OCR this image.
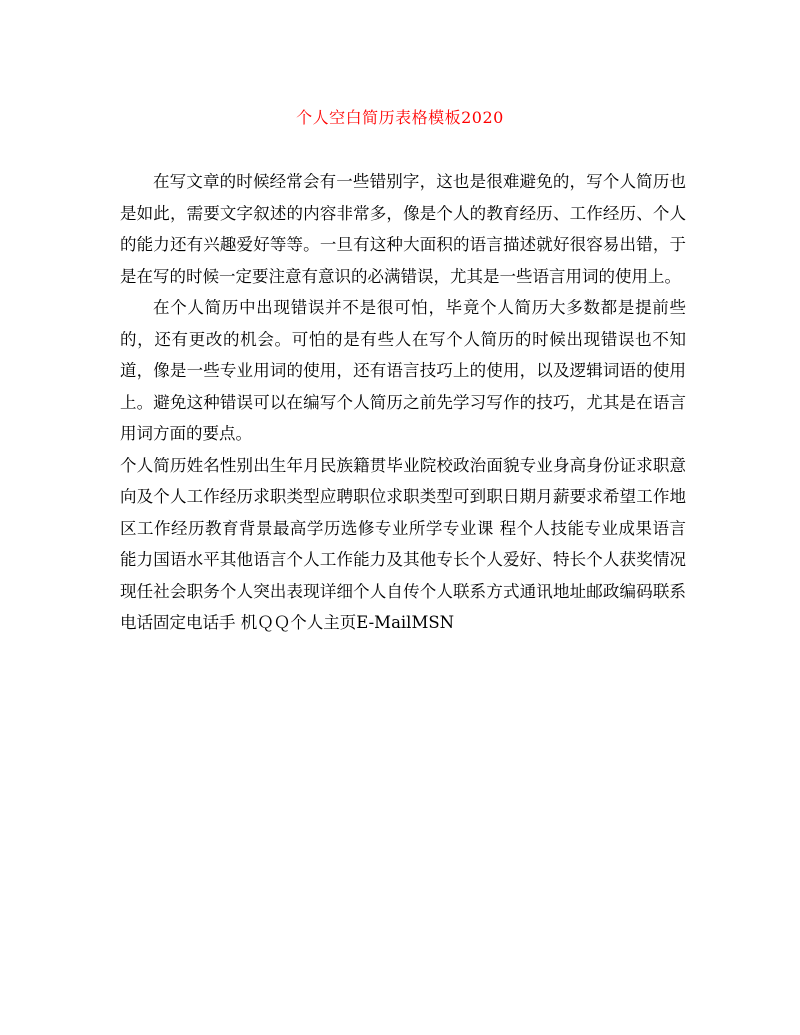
个人空白简历表格模板2020

在写文章的时候经常会有一些错别字，这也是很难避免的，写个人简历也是如此，需要文字叙述的内容非常多，像是个人的教育经历、工作经历、个人的能力还有兴趣爱好等等。一旦有这种大面积的语言描述就好很容易出错，于是在写的时候一定要注意有意识的必满错误，尤其是一些语言用词的使用上。

在个人简历中出现错误并不是很可怕，毕竟个人简历大多数都是提前些的，还有更改的机会。可怕的是有些人在写个人简历的时候出现错误也不知道，像是一些专业用词的使用，还有语言技巧上的使用，以及逻辑词语的使用上。避免这种错误可以在编写个人简历之前先学习写作的技巧，尤其是在语言用词方面的要点。

个人简历姓名性别出生年月民族籍贯毕业院校政治面貌专业身高身份证求职意向及个人工作经历求职类型应聘职位求职类型可到职日期月薪要求希望工作地区工作经历教育背景最高学历选修专业所学专业课 程个人技能专业成果语言能力国语水平其他语言个人工作能力及其他专长个人爱好、特长个人获奖情况现任社会职务个人突出表现详细个人自传个人联系方式通讯地址邮政编码联系电话固定电话手 机ＱＱ个人主页E-MailMSN
